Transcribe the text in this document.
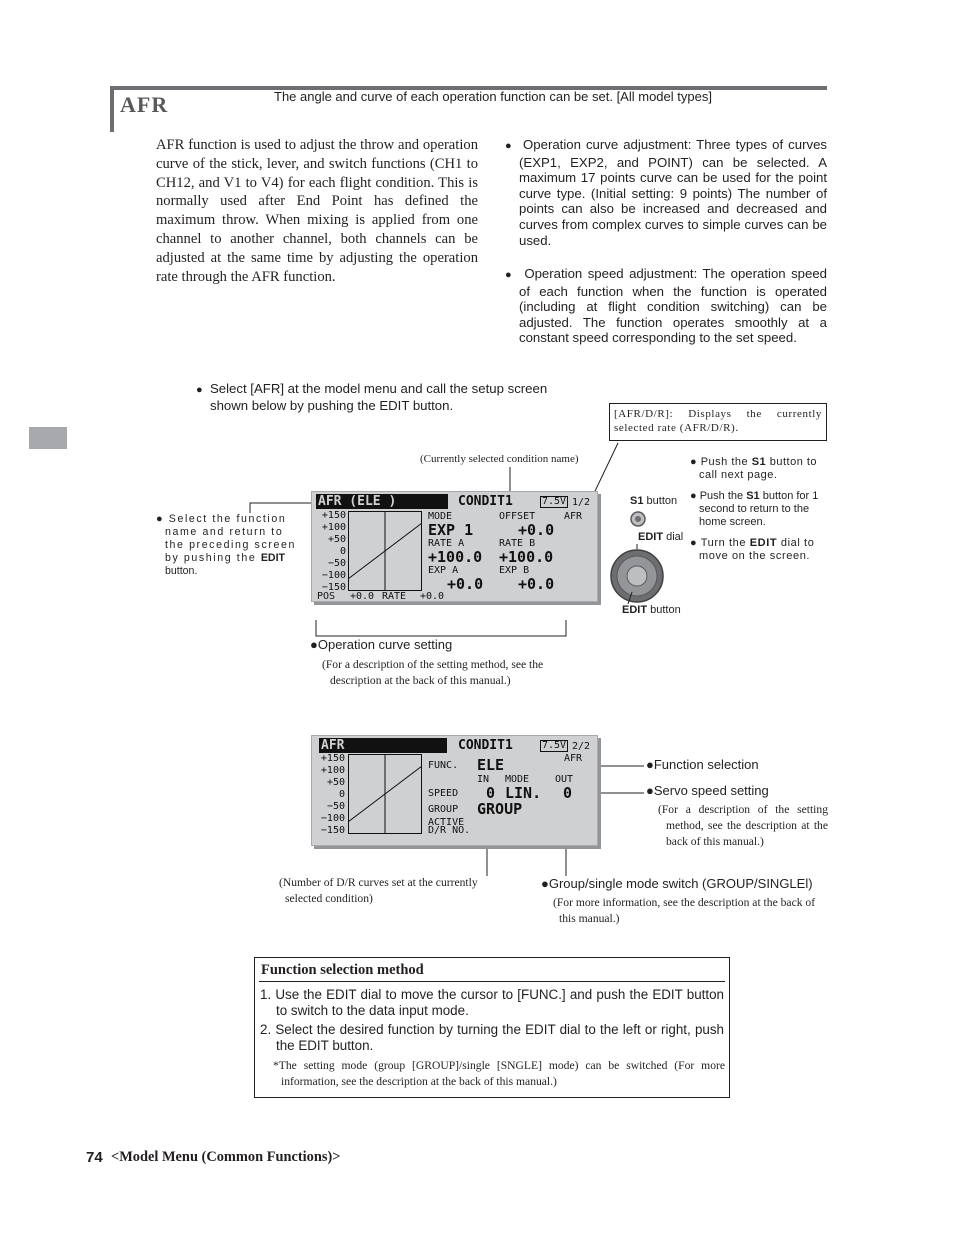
AFR	The angle and curve of each operation function can be set. [All model types]
AFR function is used to adjust the throw and operation curve of the stick, lever, and switch functions (CH1 to CH12, and V1 to V4) for each flight condition. This is normally used after End Point has defined the maximum throw. When mixing is applied from one channel to another channel, both channels can be adjusted at the same time by adjusting the operation rate through the AFR function.
● Operation curve adjustment: Three types of curves (EXP1, EXP2, and POINT) can be selected. A maximum 17 points curve can be used for the point curve type. (Initial setting: 9 points) The number of points can also be increased and decreased and curves from complex curves to simple curves can be used.
● Operation speed adjustment: The operation speed of each function when the function is operated (including at flight condition switching) can be adjusted. The function operates smoothly at a constant speed corresponding to the set speed.
● Select [AFR] at the model menu and call the setup screen shown below by pushing the EDIT button.
[AFR/D/R]: Displays the currently selected rate (AFR/D/R).
(Currently selected condition name)	● Push the S1 button to call next page.
● Push the S1 button for 1 second to return to the home screen.
● Turn the EDIT dial to move on the screen.
● Select the function name and return to the preceding screen by pushing the EDIT button.
S1 button
EDIT dial
EDIT button
AFR (ELE )	CONDIT1	7.5V 1/2
+150
+100
+50
0
−50
−100
−150
MODE	OFFSET	AFR
EXP 1	+0.0
RATE A	RATE B
+100.0 +100.0
EXP A	EXP B
+0.0 +0.0
POS +0.0 RATE +0.0
●Operation curve setting
(For a description of the setting method, see the description at the back of this manual.)
AFR	CONDIT1	7.5V 2/2
AFR
+150
+100
+50
0
−50
−100
−150
FUNC. ELE
IN MODE	OUT
SPEED 0 LIN. 0
GROUP GROUP
ACTIVE
D/R NO.
●Function selection
●Servo speed setting
(For a description of the setting method, see the description at the back of this manual.)
(Number of D/R curves set at the currently selected condition)
●Group/single mode switch (GROUP/SINGLEl)
(For more information, see the description at the back of this manual.)
Function selection method
1. Use the EDIT dial to move the cursor to [FUNC.] and push the EDIT button to switch to the data input mode.
2. Select the desired function by turning the EDIT dial to the left or right, push the EDIT button.
*The setting mode (group [GROUP]/single [SNGLE] mode) can be switched (For more information, see the description at the back of this manual.)
74 <Model Menu (Common Functions)>
